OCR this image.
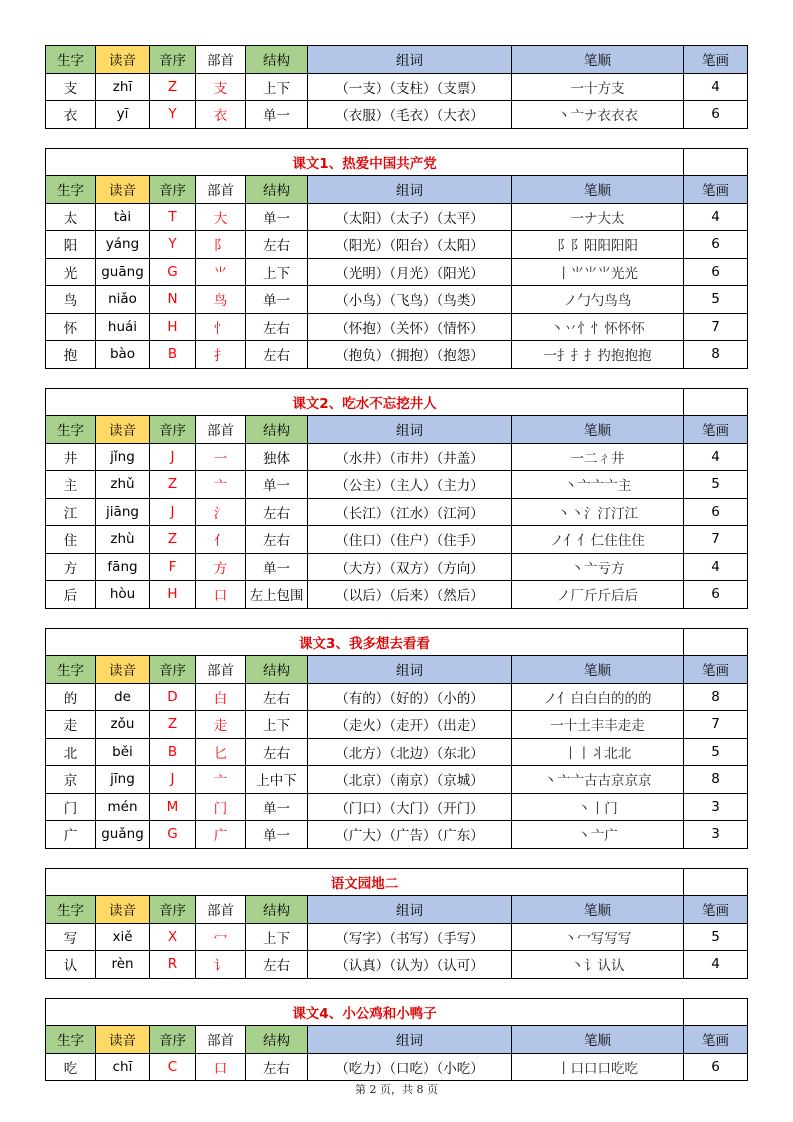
生字	读音	音序	部首	结构	组词	笔顺	笔画
支	zhī	Z	支	上下	（一支）（支柱）（支票）	一十方支	4
衣	yī	Y	衣	单一	（衣服）（毛衣）（大衣）	丶亠ナ衣衣衣	6
课文1、热爱中国共产党							
生字	读音	音序	部首	结构	组词	笔顺	笔画
太	tài	T	大	单一	（太阳）（太子）（太平）	一ナ大太	4
阳	yáng	Y	阝	左右	（阳光）（阳台）（太阳）	阝阝阳阳阳阳	6
光	guāng	G	⺌	上下	（光明）（月光）（阳光）	丨⺌⺌⺌光光	6
鸟	niǎo	N	鸟	单一	（小鸟）（飞鸟）（鸟类）	ノ勹勺鸟鸟	5
怀	huái	H	忄	左右	（怀抱）（关怀）（情怀）	丶丷忄忄怀怀怀	7
抱	bào	B	扌	左右	（抱负）（拥抱）（抱怨）	一扌扌扌扚抱抱抱	8
课文2、吃水不忘挖井人							
生字	读音	音序	部首	结构	组词	笔顺	笔画
井	jǐng	J	一	独体	（水井）（市井）（井盖）	一二ㄔ井	4
主	zhǔ	Z	亠	单一	（公主）（主人）（主力）	丶亠亠亠主	5
江	jiāng	J	氵	左右	（长江）（江水）（江河）	丶丶氵汀汀江	6
住	zhù	Z	亻	左右	（住口）（住户）（住手）	ノ亻亻仁住住住	7
方	fāng	F	方	单一	（大方）（双方）（方向）	丶亠亏方	4
后	hòu	H	口	左上包围	（以后）（后来）（然后）	ノ厂斤斤后后	6
课文3、我多想去看看							
生字	读音	音序	部首	结构	组词	笔顺	笔画
的	de	D	白	左右	（有的）（好的）（小的）	ノ亻白白白的的的	8
走	zǒu	Z	走	上下	（走火）（走开）（出走）	一十土丰丰走走	7
北	běi	B	匕	左右	（北方）（北边）（东北）	丨丨丬北北	5
京	jīng	J	亠	上中下	（北京）（南京）（京城）	丶亠亠古古京京京	8
门	mén	M	门	单一	（门口）（大门）（开门）	丶丨门	3
广	guǎng	G	广	单一	（广大）（广告）（广东）	丶亠广	3
语文园地二							
生字	读音	音序	部首	结构	组词	笔顺	笔画
写	xiě	X	冖	上下	（写字）（书写）（手写）	丶冖写写写	5
认	rèn	R	讠	左右	（认真）（认为）（认可）	丶讠认认	4
课文4、小公鸡和小鸭子							
生字	读音	音序	部首	结构	组词	笔顺	笔画
吃	chī	C	口	左右	（吃力）（口吃）（小吃）	丨口口口吃吃	6
第 2 页，共 8 页
